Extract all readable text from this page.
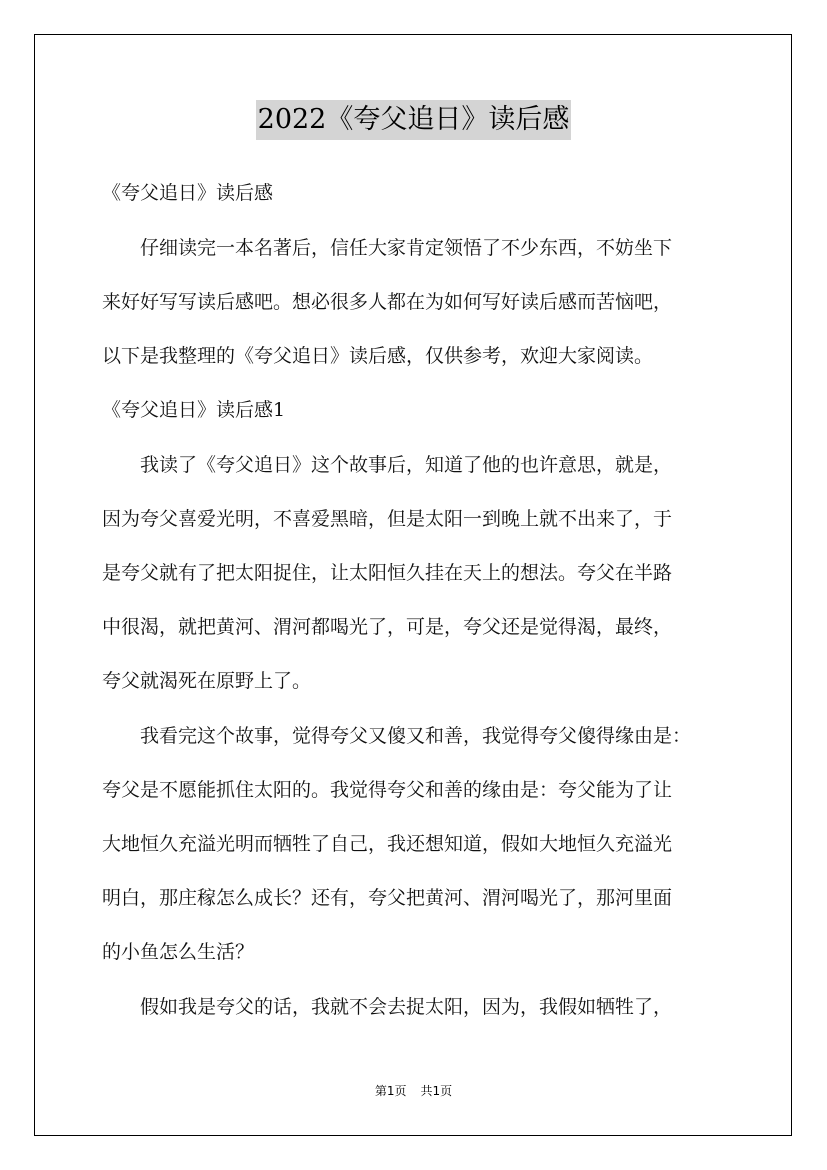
2022《夸父追日》读后感
《夸父追日》读后感
　　仔细读完一本名著后，信任大家肯定领悟了不少东西，不妨坐下
来好好写写读后感吧。想必很多人都在为如何写好读后感而苦恼吧，
以下是我整理的《夸父追日》读后感，仅供参考，欢迎大家阅读。
《夸父追日》读后感1
　　我读了《夸父追日》这个故事后，知道了他的也许意思，就是，
因为夸父喜爱光明，不喜爱黑暗，但是太阳一到晚上就不出来了，于
是夸父就有了把太阳捉住，让太阳恒久挂在天上的想法。夸父在半路
中很渴，就把黄河、渭河都喝光了，可是，夸父还是觉得渴，最终，
夸父就渴死在原野上了。
　　我看完这个故事，觉得夸父又傻又和善，我觉得夸父傻得缘由是：
夸父是不愿能抓住太阳的。我觉得夸父和善的缘由是：夸父能为了让
大地恒久充溢光明而牺牲了自己，我还想知道，假如大地恒久充溢光
明白，那庄稼怎么成长？还有，夸父把黄河、渭河喝光了，那河里面
的小鱼怎么生活？
　　假如我是夸父的话，我就不会去捉太阳，因为，我假如牺牲了，
第1页 共1页
